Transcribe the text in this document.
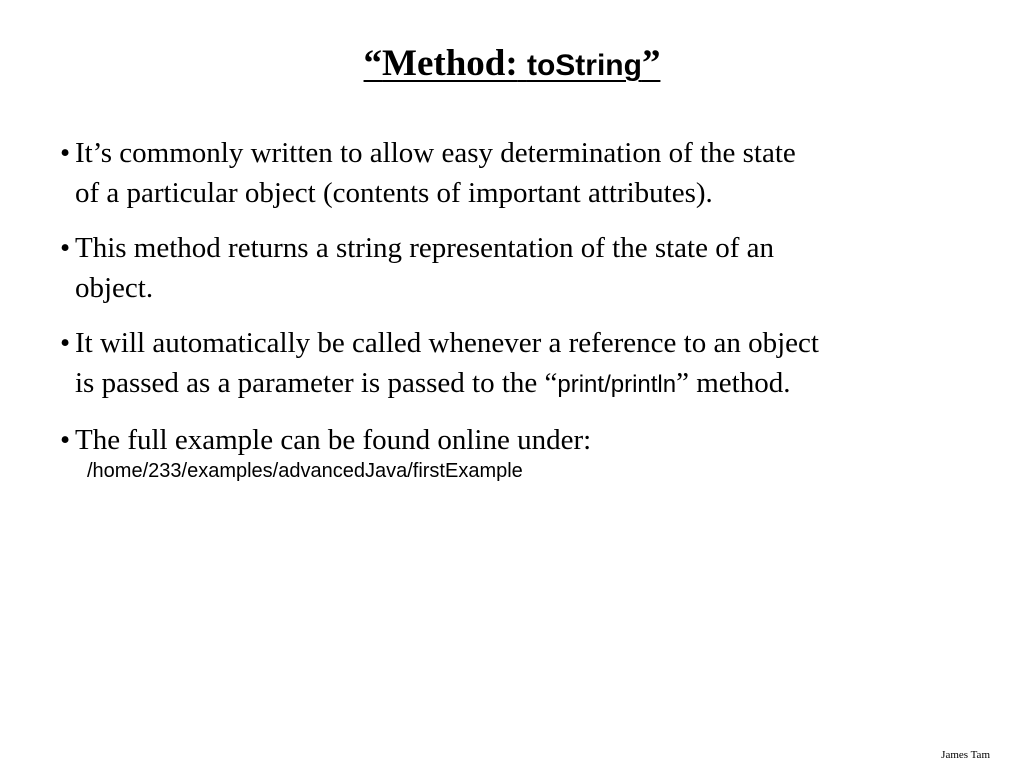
“Method: toString”
• It’s commonly written to allow easy determination of the state
of a particular object (contents of important attributes).
• This method returns a string representation of the state of an
object.
• It will automatically be called whenever a reference to an object
is passed as a parameter is passed to the “print/println” method.
• The full example can be found online under:
/home/233/examples/advancedJava/firstExample
James Tam
